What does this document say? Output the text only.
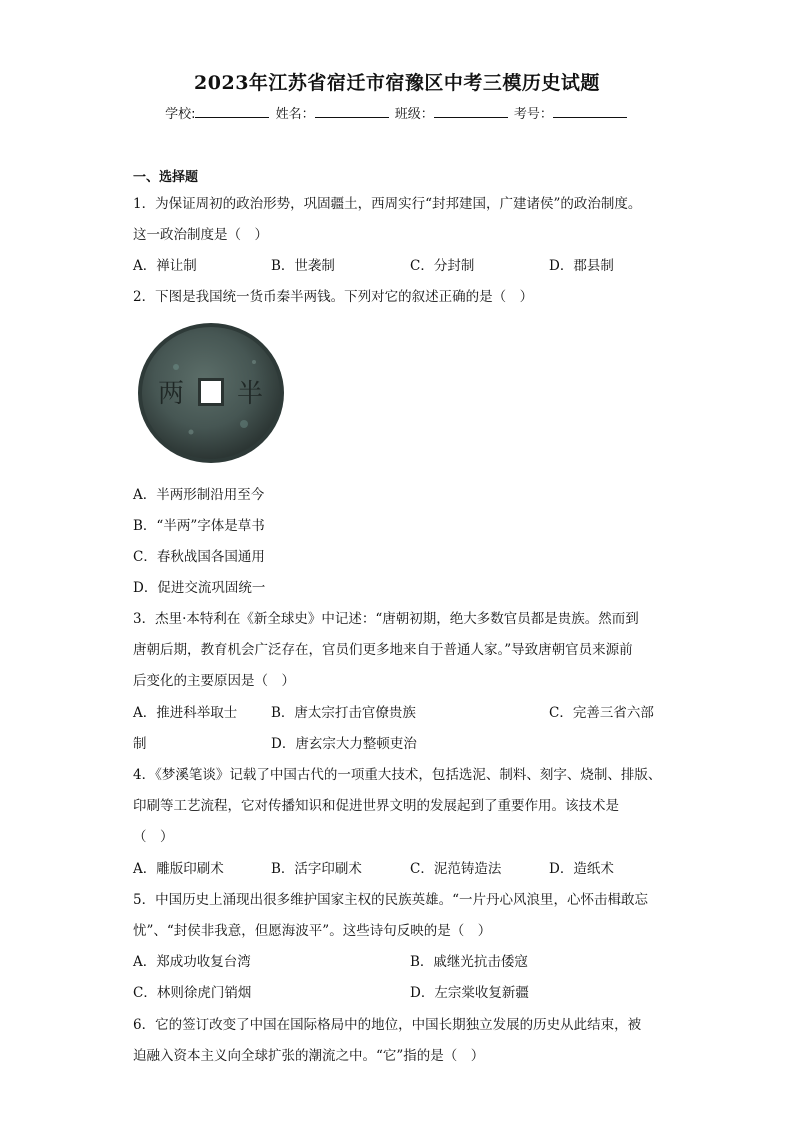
2023年江苏省宿迁市宿豫区中考三模历史试题
学校:	姓名：	班级：	考号：
一、选择题
1．为保证周初的政治形势，巩固疆土，西周实行“封邦建国，广建诸侯”的政治制度。
这一政治制度是（　）
A．禅让制	B．世袭制	C．分封制	D．郡县制
2．下图是我国统一货币秦半两钱。下列对它的叙述正确的是（　）
两 半
A．半两形制沿用至今
B．“半两”字体是草书
C．春秋战国各国通用
D．促进交流巩固统一
3．杰里·本特利在《新全球史》中记述：“唐朝初期，绝大多数官员都是贵族。然而到
唐朝后期，教育机会广泛存在，官员们更多地来自于普通人家。”导致唐朝官员来源前
后变化的主要原因是（　）
A．推进科举取士	B．唐太宗打击官僚贵族	C．完善三省六部
制	D．唐玄宗大力整顿吏治
4．《梦溪笔谈》记载了中国古代的一项重大技术，包括选泥、制料、刻字、烧制、排版、
印刷等工艺流程，它对传播知识和促进世界文明的发展起到了重要作用。该技术是
（　）
A．雕版印刷术	B．活字印刷术	C．泥范铸造法	D．造纸术
5．中国历史上涌现出很多维护国家主权的民族英雄。“一片丹心风浪里，心怀击楫敢忘
忧”、“封侯非我意，但愿海波平”。这些诗句反映的是（　）
A．郑成功收复台湾	B．戚继光抗击倭寇
C．林则徐虎门销烟	D．左宗棠收复新疆
6．它的签订改变了中国在国际格局中的地位，中国长期独立发展的历史从此结束，被
迫融入资本主义向全球扩张的潮流之中。“它”指的是（　）
